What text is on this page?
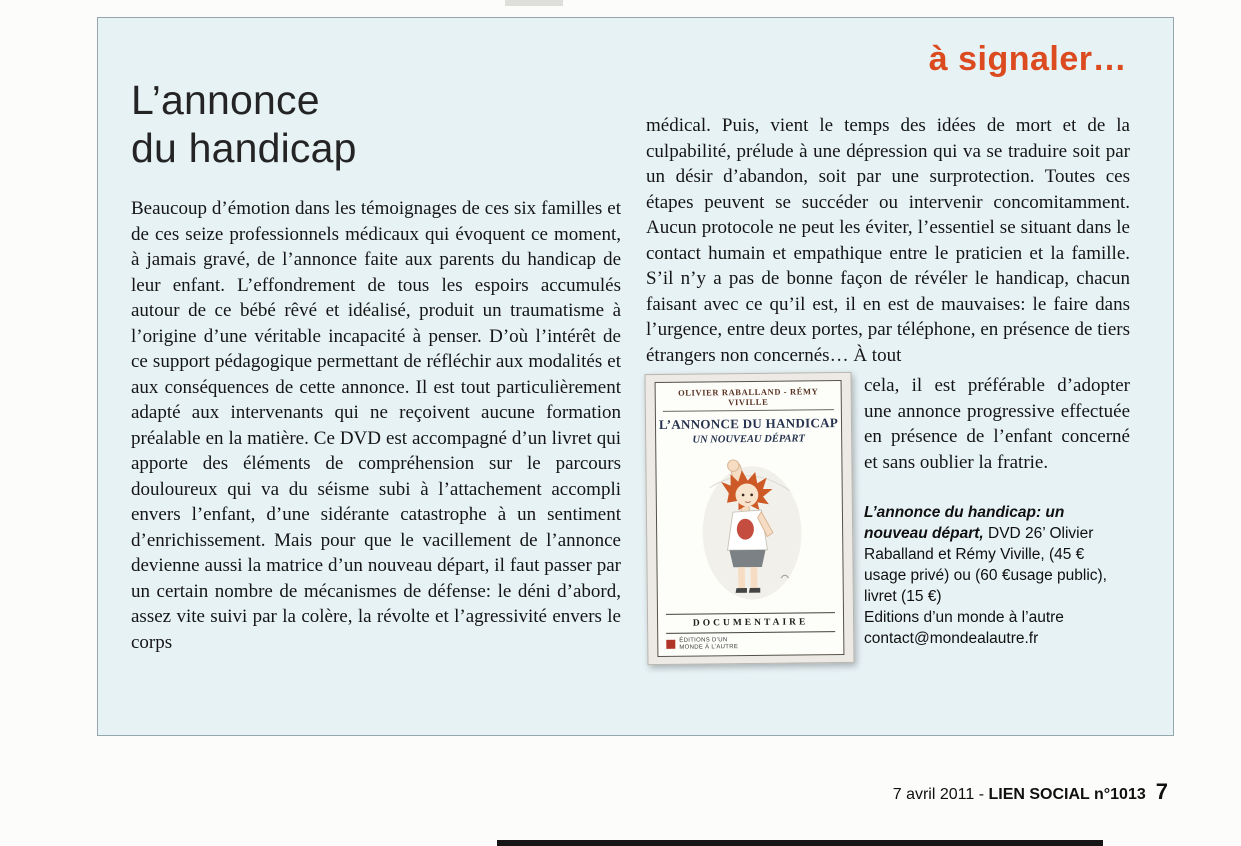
à signaler…
L’annonce
du handicap

Beaucoup d’émotion dans les témoignages de ces six familles et de ces seize professionnels médicaux qui évoquent ce moment, à jamais gravé, de l’annonce faite aux parents du handicap de leur enfant. L’effondrement de tous les espoirs accumulés autour de ce bébé rêvé et idéalisé, produit un traumatisme à l’origine d’une véritable incapacité à penser. D’où l’intérêt de ce support pédagogique permettant de réfléchir aux modalités et aux conséquences de cette annonce. Il est tout particulièrement adapté aux intervenants qui ne reçoivent aucune formation préalable en la matière. Ce DVD est accompagné d’un livret qui apporte des éléments de compréhension sur le parcours douloureux qui va du séisme subi à l’attachement accompli envers l’enfant, d’une sidérante catastrophe à un sentiment d’enrichissement. Mais pour que le vacillement de l’annonce devienne aussi la matrice d’un nouveau départ, il faut passer par un certain nombre de mécanismes de défense: le déni d’abord, assez vite suivi par la colère, la révolte et l’agressivité envers le corps

médical. Puis, vient le temps des idées de mort et de la culpabilité, prélude à une dépression qui va se traduire soit par un désir d’abandon, soit par une surprotection. Toutes ces étapes peuvent se succéder ou intervenir concomitamment. Aucun protocole ne peut les éviter, l’essentiel se situant dans le contact humain et empathique entre le praticien et la famille. S’il n’y a pas de bonne façon de révéler le handicap, chacun faisant avec ce qu’il est, il en est de mauvaises: le faire dans l’urgence, entre deux portes, par téléphone, en présence de tiers étrangers non concernés… À tout

OLIVIER RABALLAND - RÉMY VIVILLE
L’ANNONCE DU HANDICAP
UN NOUVEAU DÉPART
DOCUMENTAIRE
ÉDITIONS D’UN MONDE À L’AUTRE

cela, il est préférable d’adopter une annonce progressive effectuée en présence de l’enfant concerné et sans oublier la fratrie.

L’annonce du handicap: un nouveau départ, DVD 26’ Olivier Raballand et Rémy Viville, (45 € usage privé) ou (60 €usage public), livret (15 €)

Editions d’un monde à l’autre

contact@mondealautre.fr

7 avril 2011 - LIEN SOCIAL n°1013 7
